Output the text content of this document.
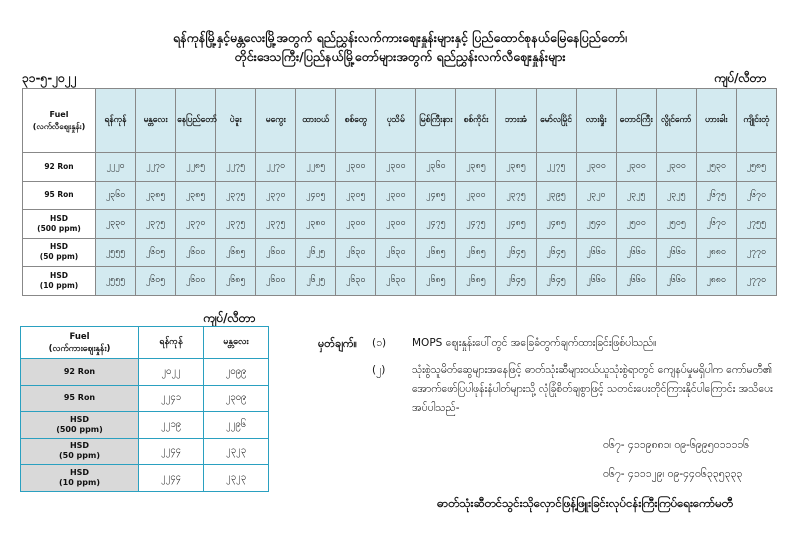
ရန်ကုန်မြို့နှင့်မန္တလေးမြို့အတွက် ရည်ညွှန်းလက်ကားဈေးနှုန်းများနှင့် ပြည်ထောင်စုနယ်မြေနေပြည်တော်၊
တိုင်းဒေသကြီး/ပြည်နယ်မြို့တော်များအတွက် ရည်ညွှန်းလက်လီဈေးနှုန်းများ
၃၁-၅-၂၀၂၂	ကျပ်/လီတာ
Fuel
(လက်လီဈေးနှုန်း)	ရန်ကုန်	မန္တလေး	နေပြည်တော်	ပဲခူး	မကွေး	ထားဝယ်	စစ်တွေ	ပုသိမ်	မြစ်ကြီးနား	စစ်ကိုင်း	ဘားအံ	မော်လမြိုင်	လားရှိုး	တောင်ကြီး	လွိုင်ကော်	ဟားခါး	ကျိုင်းတုံ

92 Ron	၂၂၂၀	၂၂၇၀	၂၂၈၅	၂၂၇၅	၂၂၇၀	၂၂၈၅	၂၃၀၀	၂၃၀၀	၂၃၆၀	၂၃၈၅	၂၃၈၅	၂၂၇၅	၂၃၀၀	၂၃၀၀	၂၃၀၀	၂၅၃၀	၂၅၈၅

95 Ron	၂၃၆၀	၂၃၈၅	၂၃၈၅	၂၃၇၅	၂၃၇၀	၂၄၀၅	၂၃၀၅	၂၃၀၀	၂၄၈၅	၂၃၀၀	၂၃၇၅	၂၃၉၅	၂၃၂၀	၂၃၂၅	၂၃၂၅	၂၆၇၅	၂၆၇၀

HSD
(500 ppm)	၂၃၃၀	၂၃၇၅	၂၃၇၀	၂၃၇၅	၂၃၇၅	၂၃၈၀	၂၃၀၀	၂၃၀၀	၂၄၇၅	၂၄၇၅	၂၄၈၅	၂၄၈၅	၂၅၄၀	၂၅၀၀	၂၅၀၅	၂၆၇၀	၂၇၅၅

HSD
(50 ppm)	၂၅၅၅	၂၆၀၅	၂၆၀၀	၂၆၈၅	၂၆၀၀	၂၆၂၅	၂၆၃၀	၂၆၃၀	၂၆၈၅	၂၆၈၅	၂၆၄၅	၂၆၄၅	၂၆၆၀	၂၆၆၀	၂၆၆၀	၂၈၈၀	၂၇၇၀

HSD
(10 ppm)	၂၅၅၅	၂၆၀၅	၂၆၀၀	၂၆၈၅	၂၆၀၀	၂၆၂၅	၂၆၃၀	၂၆၃၀	၂၆၈၅	၂၆၈၅	၂၆၄၅	၂၆၄၅	၂၆၆၀	၂၆၆၀	၂၆၆၀	၂၈၈၀	၂၇၇၀
ကျပ်/လီတာ
Fuel
(လက်ကားဈေးနှုန်း)	ရန်ကုန်	မန္တလေး

92 Ron	၂၀၂၂	၂၀၉၉

95 Ron	၂၂၄၁	၂၃၀၉

HSD
(500 ppm)	၂၂၁၉	၂၂၉၆

HSD
(50 ppm)	၂၂၄၄	၂၃၂၃

HSD
(10 ppm)	၂၂၄၄	၂၃၂၃
မှတ်ချက်။ (၁) MOPS ဈေးနှုန်းပေါ်တွင် အခြေခံတွက်ချက်ထားခြင်းဖြစ်ပါသည်။
(၂)	သုံးစွဲသူမိတ်ဆွေများအနေဖြင့် ဓာတ်သုံးဆီများဝယ်ယူသုံးစွဲရာတွင် ကျေနပ်မှုမရှိပါက ကော်မတီ၏ အောက်ဖော်ပြပါဖုန်းနံပါတ်များသို့ လုံခြုံစိတ်ချစွာဖြင့် သတင်းပေးတိုင်ကြားနိုင်ပါကြောင်း အသိပေးအပ်ပါသည်-
၀၆၇- ၄၁၁၉၈၈၁၊ ၀၉-၆၉၉၅၀၁၁၁၁၆
၀၆၇- ၄၁၁၁၂၉၊ ၀၉-၄၄၀၆၃၃၅၃၃၃
ဓာတ်သုံးဆီတင်သွင်းသိုလှောင်ဖြန့်ဖြူးခြင်းလုပ်ငန်းကြီးကြပ်ရေးကော်မတီ
